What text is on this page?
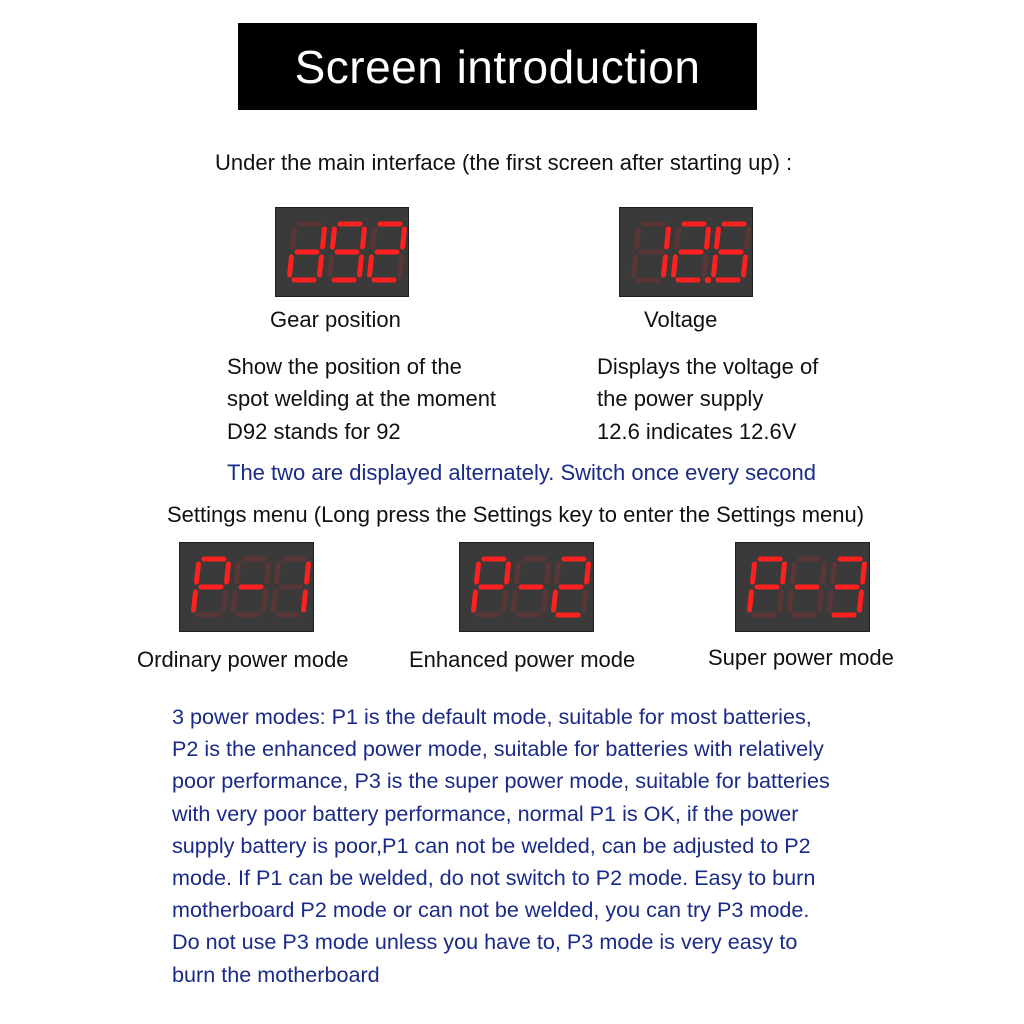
Screen introduction
Under the main interface (the first screen after starting up) :
Gear position	Voltage
Show the position of the
spot welding at the moment
D92 stands for 92
Displays the voltage of
the power supply
12.6 indicates 12.6V
The two are displayed alternately. Switch once every second
Settings menu (Long press the Settings key to enter the Settings menu)
Ordinary power mode	Enhanced power mode	Super power mode
3 power modes: P1 is the default mode, suitable for most batteries,
P2 is the enhanced power mode, suitable for batteries with relatively
poor performance, P3 is the super power mode, suitable for batteries
with very poor battery performance, normal P1 is OK, if the power
supply battery is poor,P1 can not be welded, can be adjusted to P2
mode. If P1 can be welded, do not switch to P2 mode. Easy to burn
motherboard P2 mode or can not be welded, you can try P3 mode.
Do not use P3 mode unless you have to, P3 mode is very easy to
burn the motherboard
